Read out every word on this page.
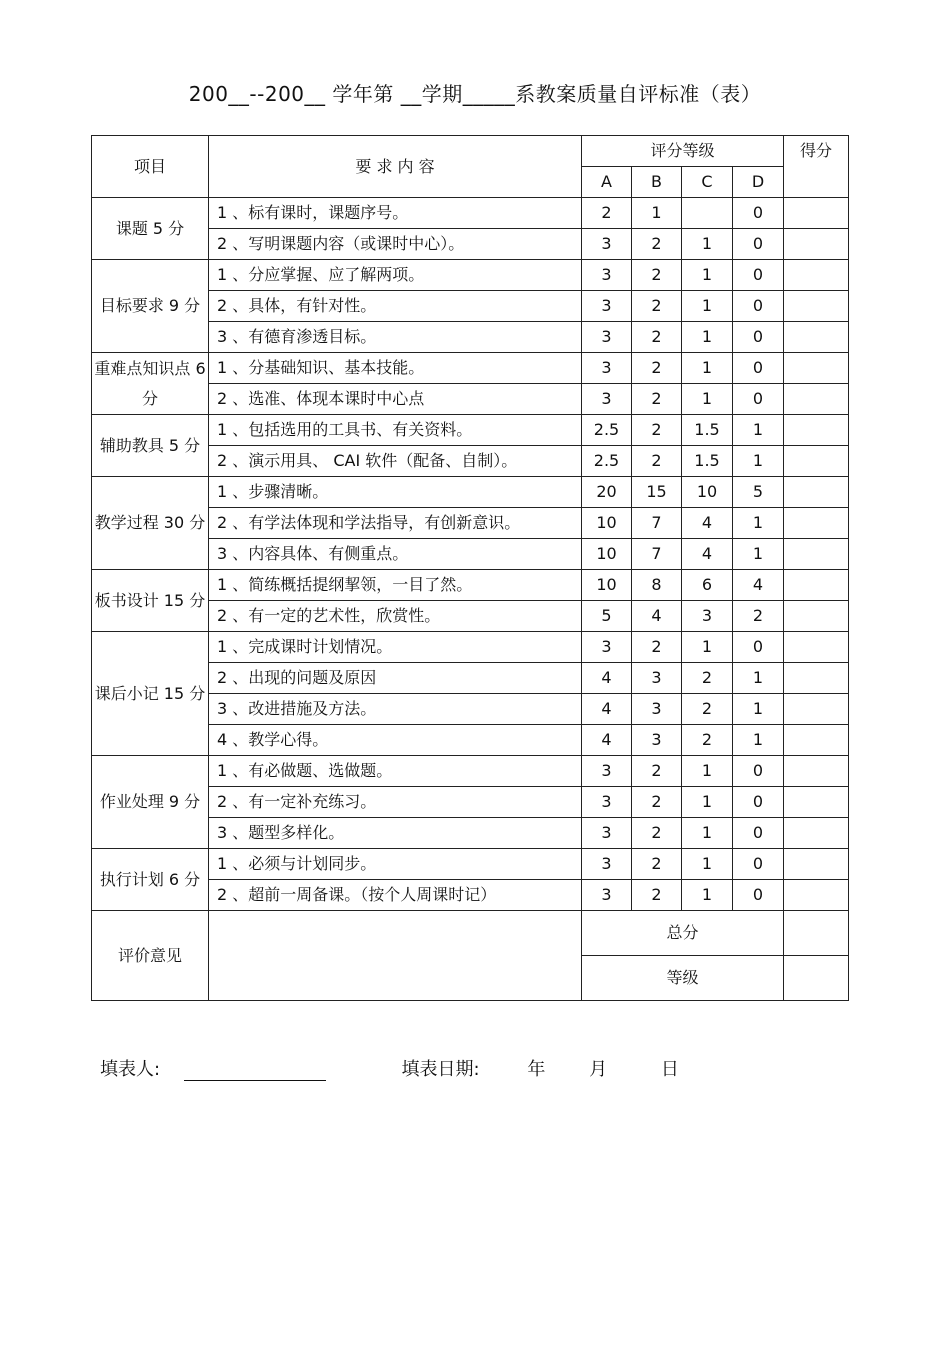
200__--200__ 学年第 __学期_____系教案质量自评标准（表）
项目	要 求 内 容	评分等级				得分
		A	B	C	D	
课题 5 分	1 、标有课时，课题序号。	2	1		0	
	2 、写明课题内容（或课时中心）。	3	2	1	0	
目标要求 9 分	1 、分应掌握、应了解两项。	3	2	1	0	
	2 、具体，有针对性。	3	2	1	0	
	3 、有德育渗透目标。	3	2	1	0	
重难点知识点 6 分	1 、分基础知识、基本技能。	3	2	1	0	
	2 、选准、体现本课时中心点	3	2	1	0	
辅助教具 5 分	1 、包括选用的工具书、有关资料。	2.5	2	1.5	1	
	2 、演示用具、 CAI 软件（配备、自制）。	2.5	2	1.5	1	
教学过程 30 分	1 、步骤清晰。	20	15	10	5	
	2 、有学法体现和学法指导，有创新意识。	10	7	4	1	
	3 、内容具体、有侧重点。	10	7	4	1	
板书设计 15 分	1 、简练概括提纲挈领，一目了然。	10	8	6	4	
	2 、有一定的艺术性，欣赏性。	5	4	3	2	
课后小记 15 分	1 、完成课时计划情况。	3	2	1	0	
	2 、出现的问题及原因	4	3	2	1	
	3 、改进措施及方法。	4	3	2	1	
	4 、教学心得。	4	3	2	1	
作业处理 9 分	1 、有必做题、选做题。	3	2	1	0	
	2 、有一定补充练习。	3	2	1	0	
	3 、题型多样化。	3	2	1	0	
执行计划 6 分	1 、必须与计划同步。	3	2	1	0	
	2 、超前一周备课。（按个人周课时记）	3	2	1	0	
评价意见		总分				
		等级				
填表人:	填表日期:	年 月	日
